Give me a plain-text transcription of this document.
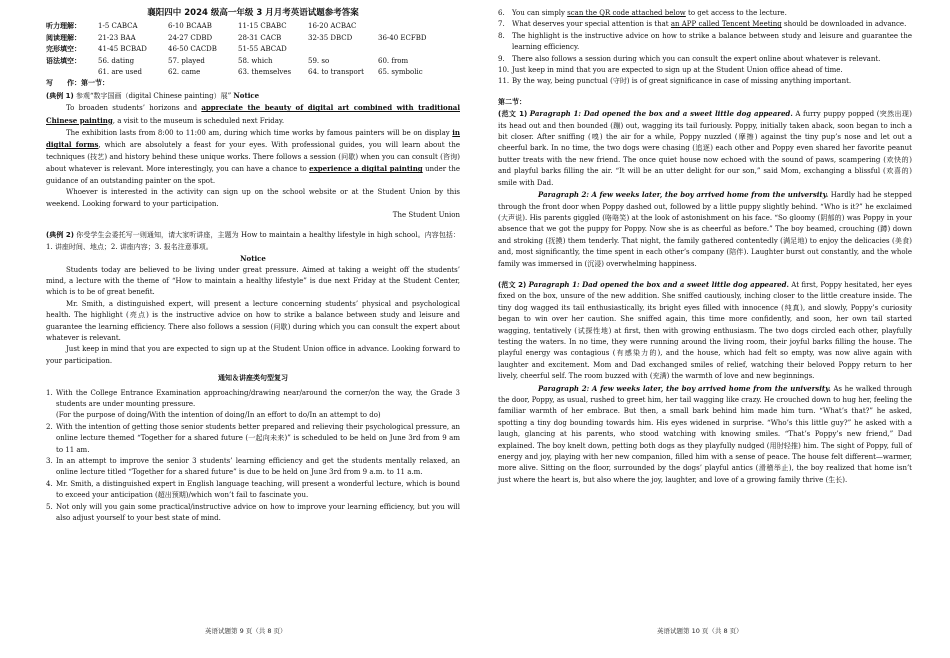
襄阳四中 2024 级高一年级 3 月月考英语试题参考答案
听力理解：	1-5 CABCA	6-10 BCAAB	11-15 CBABC	16-20 ACBAC
阅读理解：	21-23 BAA	24-27 CDBD	28-31 CACB	32-35 DBCD	36-40 ECFBD
完形填空：	41-45 BCBAD	46-50 CACDB	51-55 ABCAD
语法填空：	56. dating	57. played	58. which	59. so	60. from
61. are used	62. came	63. themselves	64. to transport	65. symbolic
写　　作：第一节：

(典例 1) 参观“数字国画（digital Chinese painting）展” Notice

To broaden students’ horizons and appreciate the beauty of digital art combined with traditional Chinese painting, a visit to the museum is scheduled next Friday.

The exhibition lasts from 8:00 to 11:00 am, during which time works by famous painters will be on display in digital forms, which are absolutely a feast for your eyes. With professional guides, you will learn about the techniques (技艺) and history behind these unique works. There follows a session (问歇) when you can consult (咨询) about whatever is relevant. More interestingly, you can have a chance to experience a digital painting under the guidance of an outstanding painter on the spot.

Whoever is interested in the activity can sign up on the school website or at the Student Union by this weekend. Looking forward to your participation.

The Student Union

(典例 2) 你受学生会委托写一则通知，请大家听讲座，主题为 How to maintain a healthy lifestyle in high school。内容包括：1. 讲座时间、地点；2. 讲座内容；3. 报名注意事项。

Notice

Students today are believed to be living under great pressure. Aimed at taking a weight off the students’ mind, a lecture with the theme of “How to maintain a healthy lifestyle” is due next Friday at the Student Center, which is to be of great benefit.

Mr. Smith, a distinguished expert, will present a lecture concerning students’ physical and psychological health. The highlight (亮点) is the instructive advice on how to strike a balance between study and leisure and guarantee the learning efficiency. There also follows a session (问歇) during which you can consult the expert about whatever is relevant.

Just keep in mind that you are expected to sign up at the Student Union office in advance. Looking forward to your participation.

通知＆讲座类句型复习
1. With the College Entrance Examination approaching/drawing near/around the corner/on the way, the Grade 3 students are under mounting pressure.
(For the purpose of doing/With the intention of doing/In an effort to do/In an attempt to do)
2. With the intention of getting those senior students better prepared and relieving their psychological pressure, an online lecture themed “Together for a shared future (一起向未来)” is scheduled to be held on June 3rd from 9 am to 11 am.
3. In an attempt to improve the senior 3 students’ learning efficiency and get the students mentally relaxed, an online lecture titled “Together for a shared future” is due to be held on June 3rd from 9 a.m. to 11 a.m.
4. Mr. Smith, a distinguished expert in English language teaching, will present a wonderful lecture, which is bound to exceed your anticipation (超出预期)/which won’t fail to fascinate you.
5. Not only will you gain some practical/instructive advice on how to improve your learning efficiency, but you will also adjust yourself to your best state of mind.
6.	You can simply scan the QR code attached below to get access to the lecture.
7.	What deserves your special attention is that an APP called Tencent Meeting should be downloaded in advance.
8.	The highlight is the instructive advice on how to strike a balance between study and leisure and guarantee the learning efficiency.
9.	There also follows a session during which you can consult the expert online about whatever is relevant.
10. Just keep in mind that you are expected to sign up at the Student Union office ahead of time.
11. By the way, being punctual (守时) is of great significance in case of missing anything important.

第二节：

(范文 1) Paragraph 1: Dad opened the box and a sweet little dog appeared. A furry puppy popped (突然出现) its head out and then bounded (蹦) out, wagging its tail furiously. Poppy, initially taken aback, soon began to inch a bit closer. After sniffing (嗅) the air for a while, Poppy nuzzled (摩擦) against the tiny pup’s nose and let out a cheerful bark. In no time, the two dogs were chasing (追逐) each other and Poppy even shared her favorite peanut butter treats with the new friend. The once quiet house now echoed with the sound of paws, scampering (欢快的) and playful barks filling the air. “It will be an utter delight for our son,” said Mom, exchanging a blissful (欢喜的) smile with Dad.

Paragraph 2: A few weeks later, the boy arrived home from the university. Hardly had he stepped through the front door when Poppy dashed out, followed by a little puppy slightly behind. “Who is it?” he exclaimed (大声说). His parents giggled (咯咯笑) at the look of astonishment on his face. “So gloomy (阴郁的) was Poppy in your absence that we got the puppy for Poppy. Now she is as cheerful as before.” The boy beamed, crouching (蹲) down and stroking (抚摸) them tenderly. That night, the family gathered contentedly (满足地) to enjoy the delicacies (美食) and, most significantly, the time spent in each other’s company (陪伴). Laughter burst out constantly, and the whole family was immersed in (沉浸) overwhelming happiness.

(范文 2) Paragraph 1: Dad opened the box and a sweet little dog appeared. At first, Poppy hesitated, her eyes fixed on the box, unsure of the new addition. She sniffed cautiously, inching closer to the little creature inside. The tiny dog wagged its tail enthusiastically, its bright eyes filled with innocence (纯真), and slowly, Poppy’s curiosity began to win over her caution. She sniffed again, this time more confidently, and soon, her own tail started wagging, tentatively (试探性地) at first, then with growing enthusiasm. The two dogs circled each other, playfully testing the waters. In no time, they were running around the living room, their joyful barks filling the house. The playful energy was contagious (有感染力的), and the house, which had felt so empty, was now alive again with laughter and excitement. Mom and Dad exchanged smiles of relief, watching their beloved Poppy return to her lively, cheerful self. The room buzzed with (充满) the warmth of love and new beginnings.

Paragraph 2: A few weeks later, the boy arrived home from the university. As he walked through the door, Poppy, as usual, rushed to greet him, her tail wagging like crazy. He crouched down to hug her, feeling the familiar warmth of her embrace. But then, a small bark behind him made him turn. “What’s that?” he asked, spotting a tiny dog bounding towards him. His eyes widened in surprise. “Who’s this little guy?” he asked with a laugh, glancing at his parents, who stood watching with knowing smiles. “That’s Poppy’s new friend,” Dad explained. The boy knelt down, petting both dogs as they playfully nudged (用肘轻推) him. The sight of Poppy, full of energy and joy, playing with her new companion, filled him with a sense of peace. The house felt different—warmer, more alive. Sitting on the floor, surrounded by the dogs’ playful antics (滑稽举止), the boy realized that home isn’t just where the heart is, but also where the joy, laughter, and love of a growing family thrive (生长).

英语试题第 9 页（共 8 页）	英语试题第 10 页（共 8 页）
